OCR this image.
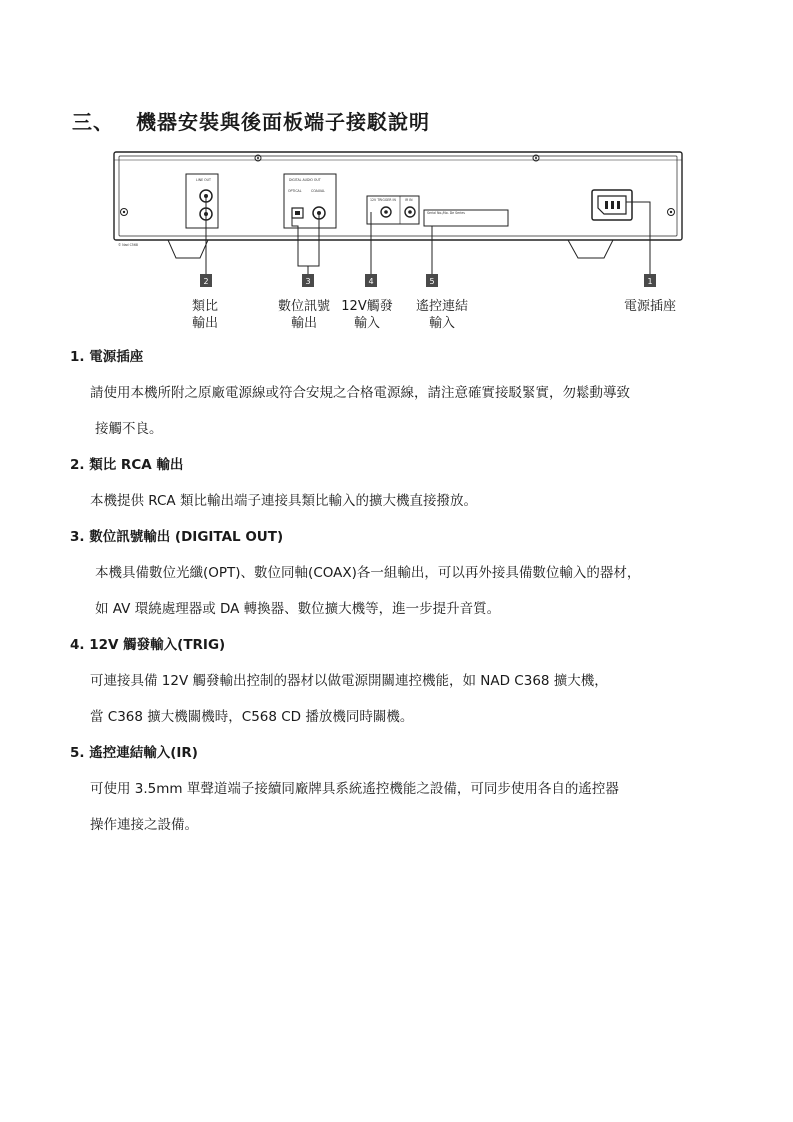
三、 機器安裝與後面板端子接駁說明
LINE OUT	DIGITAL AUDIO OUT
OPTICAL	COAXIAL
12V TRIGGER IN	IR IN
Serial No./No. De Series
© Nad C568
2	3	4	5	1
類比
輸出
數位訊號
輸出
12V觸發
輸入
遙控連結
輸入
電源插座
1. 電源插座
請使用本機所附之原廠電源線或符合安規之合格電源線，請注意確實接駁緊實，勿鬆動導致
接觸不良。
2. 類比 RCA 輸出
本機提供 RCA 類比輸出端子連接具類比輸入的擴大機直接撥放。
3. 數位訊號輸出 (DIGITAL OUT)
本機具備數位光纖(OPT)、數位同軸(COAX)各一組輸出，可以再外接具備數位輸入的器材，
如 AV 環繞處理器或 DA 轉換器、數位擴大機等，進一步提升音質。
4. 12V 觸發輸入(TRIG)
可連接具備 12V 觸發輸出控制的器材以做電源開關連控機能，如 NAD C368 擴大機，
當 C368 擴大機關機時，C568 CD 播放機同時關機。
5. 遙控連結輸入(IR)
可使用 3.5mm 單聲道端子接續同廠牌具系統遙控機能之設備，可同步使用各自的遙控器
操作連接之設備。
